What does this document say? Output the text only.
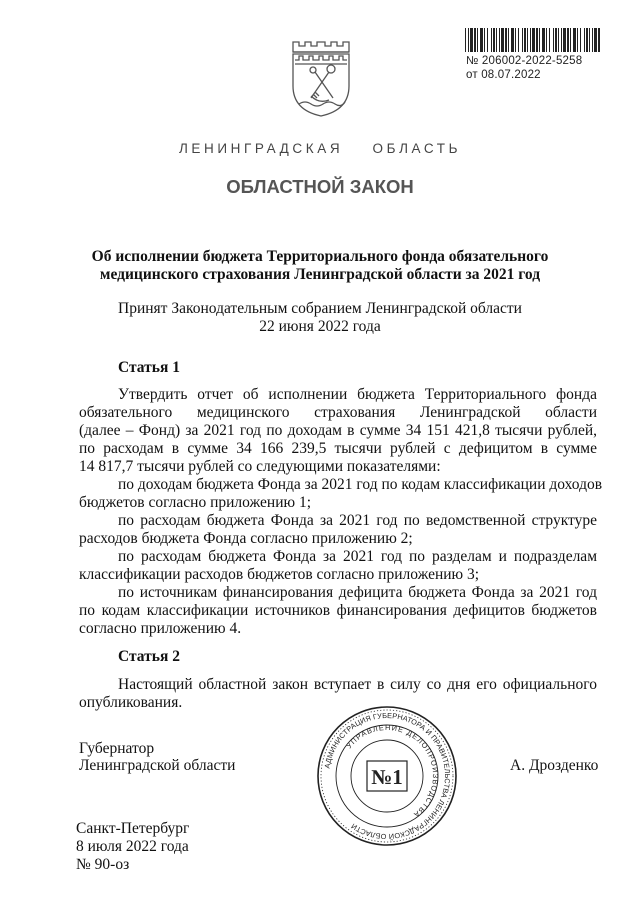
№ 206002-2022-5258
от 08.07.2022
ЛЕНИНГРАДСКАЯ ОБЛАСТЬ
ОБЛАСТНОЙ ЗАКОН
Об исполнении бюджета Территориального фонда обязательного
медицинского страхования Ленинградской области за 2021 год
Принят Законодательным собранием Ленинградской области
22 июня 2022 года
Статья 1
Утвердить отчет об исполнении бюджета Территориального фонда
обязательного медицинского страхования Ленинградской области
(далее – Фонд) за 2021 год по доходам в сумме 34 151 421,8 тысячи рублей,
по расходам в сумме 34 166 239,5 тысячи рублей с дефицитом в сумме
14 817,7 тысячи рублей со следующими показателями:
по доходам бюджета Фонда за 2021 год по кодам классификации доходов
бюджетов согласно приложению 1;
по расходам бюджета Фонда за 2021 год по ведомственной структуре
расходов бюджета Фонда согласно приложению 2;
по расходам бюджета Фонда за 2021 год по разделам и подразделам
классификации расходов бюджетов согласно приложению 3;
по источникам финансирования дефицита бюджета Фонда за 2021 год
по кодам классификации источников финансирования дефицитов бюджетов
согласно приложению 4.
Статья 2
Настоящий областной закон вступает в силу со дня его официального
опубликования.
Губернатор
Ленинградской области	А. Дрозденко
АДМИНИСТРАЦИЯ ГУБЕРНАТОРА И ПРАВИТЕЛЬСТВА ЛЕНИНГРАДСКОЙ ОБЛАСТИ
УПРАВЛЕНИЕ ДЕЛОПРОИЗВОДСТВА
№1
Санкт-Петербург
8 июля 2022 года
№ 90-оз
